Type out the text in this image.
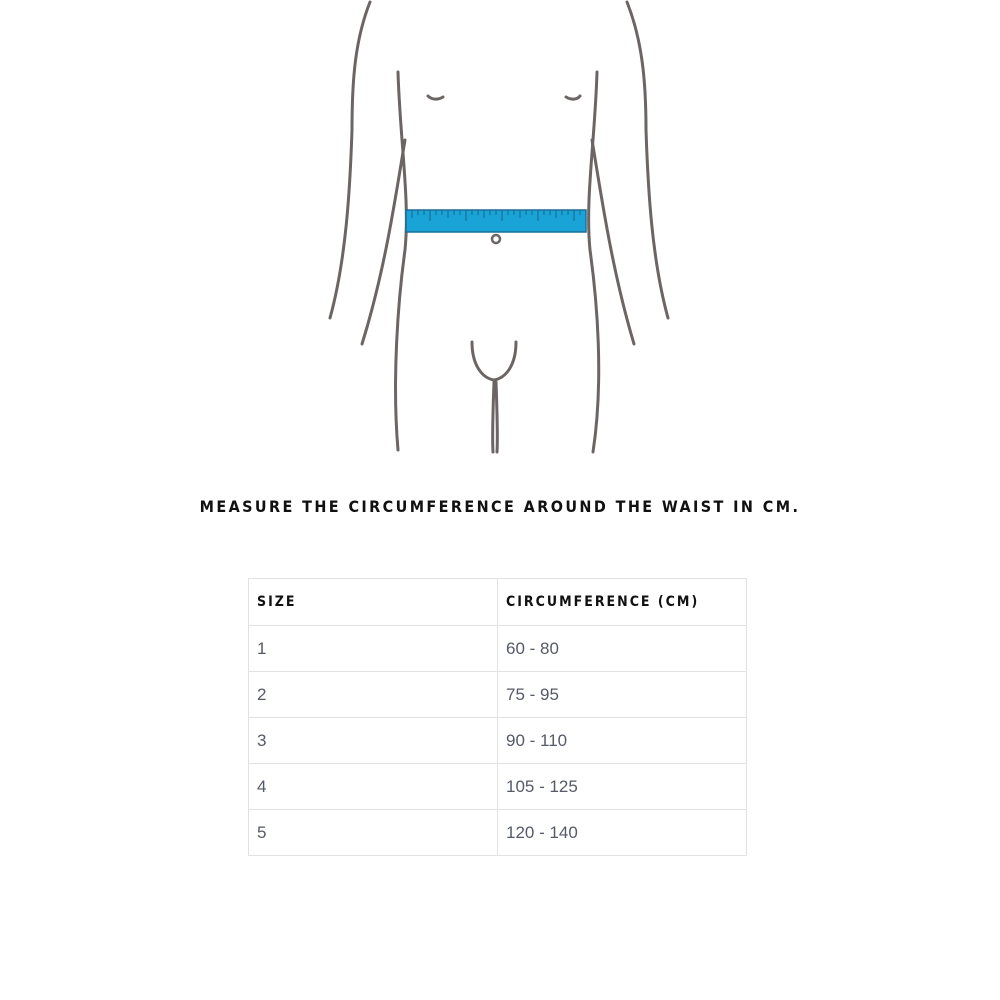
MEASURE THE CIRCUMFERENCE AROUND THE WAIST IN CM.

SIZE	CIRCUMFERENCE (CM)
1	60 - 80
2	75 - 95
3	90 - 110
4	105 - 125
5	120 - 140
